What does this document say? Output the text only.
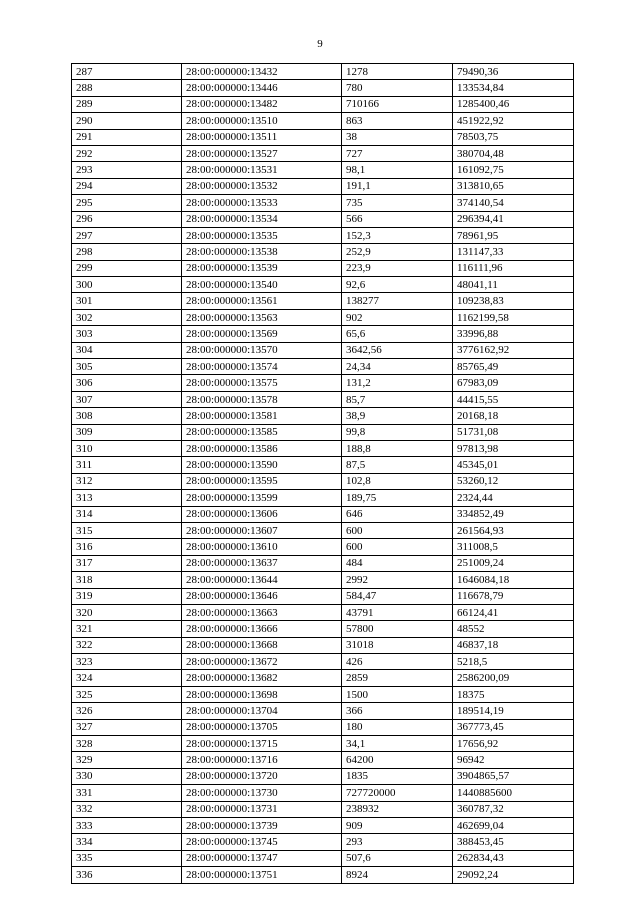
9
287	28:00:000000:13432	1278	79490,36
288	28:00:000000:13446	780	133534,84
289	28:00:000000:13482	710166	1285400,46
290	28:00:000000:13510	863	451922,92
291	28:00:000000:13511	38	78503,75
292	28:00:000000:13527	727	380704,48
293	28:00:000000:13531	98,1	161092,75
294	28:00:000000:13532	191,1	313810,65
295	28:00:000000:13533	735	374140,54
296	28:00:000000:13534	566	296394,41
297	28:00:000000:13535	152,3	78961,95
298	28:00:000000:13538	252,9	131147,33
299	28:00:000000:13539	223,9	116111,96
300	28:00:000000:13540	92,6	48041,11
301	28:00:000000:13561	138277	109238,83
302	28:00:000000:13563	902	1162199,58
303	28:00:000000:13569	65,6	33996,88
304	28:00:000000:13570	3642,56	3776162,92
305	28:00:000000:13574	24,34	85765,49
306	28:00:000000:13575	131,2	67983,09
307	28:00:000000:13578	85,7	44415,55
308	28:00:000000:13581	38,9	20168,18
309	28:00:000000:13585	99,8	51731,08
310	28:00:000000:13586	188,8	97813,98
311	28:00:000000:13590	87,5	45345,01
312	28:00:000000:13595	102,8	53260,12
313	28:00:000000:13599	189,75	2324,44
314	28:00:000000:13606	646	334852,49
315	28:00:000000:13607	600	261564,93
316	28:00:000000:13610	600	311008,5
317	28:00:000000:13637	484	251009,24
318	28:00:000000:13644	2992	1646084,18
319	28:00:000000:13646	584,47	116678,79
320	28:00:000000:13663	43791	66124,41
321	28:00:000000:13666	57800	48552
322	28:00:000000:13668	31018	46837,18
323	28:00:000000:13672	426	5218,5
324	28:00:000000:13682	2859	2586200,09
325	28:00:000000:13698	1500	18375
326	28:00:000000:13704	366	189514,19
327	28:00:000000:13705	180	367773,45
328	28:00:000000:13715	34,1	17656,92
329	28:00:000000:13716	64200	96942
330	28:00:000000:13720	1835	3904865,57
331	28:00:000000:13730	727720000	1440885600
332	28:00:000000:13731	238932	360787,32
333	28:00:000000:13739	909	462699,04
334	28:00:000000:13745	293	388453,45
335	28:00:000000:13747	507,6	262834,43
336	28:00:000000:13751	8924	29092,24
